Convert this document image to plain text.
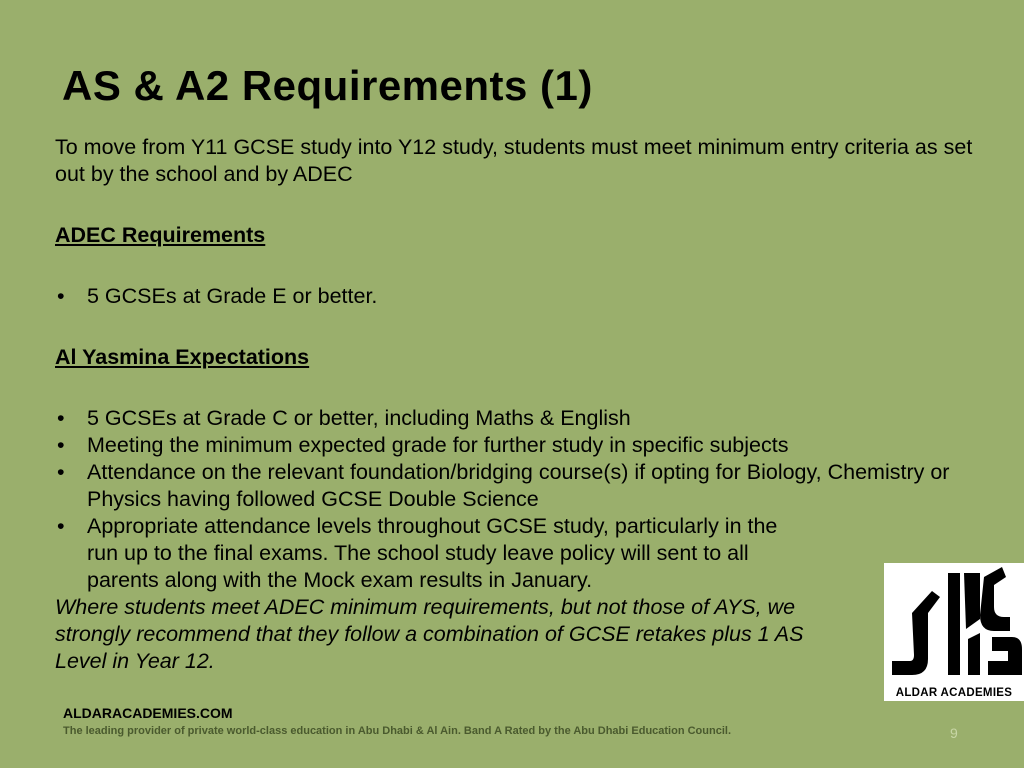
AS & A2 Requirements (1)

To move from Y11 GCSE study into Y12 study, students must meet minimum entry criteria as set out by the school and by ADEC

ADEC Requirements

• 5 GCSEs at Grade E or better.

Al Yasmina Expectations

• 5 GCSEs at Grade C or better, including Maths & English
• Meeting the minimum expected grade for further study in specific subjects
• Attendance on the relevant foundation/bridging course(s) if opting for Biology, Chemistry or Physics having followed GCSE Double Science
• Appropriate attendance levels throughout GCSE study, particularly in the run up to the final exams. The school study leave policy will sent to all parents along with the Mock exam results in January.

Where students meet ADEC minimum requirements, but not those of AYS, we strongly recommend that they follow a combination of GCSE retakes plus 1 AS Level in Year 12.

ALDAR ACADEMIES
ALDARACADEMIES.COM
The leading provider of private world-class education in Abu Dhabi & Al Ain. Band A Rated by the Abu Dhabi Education Council.	9
